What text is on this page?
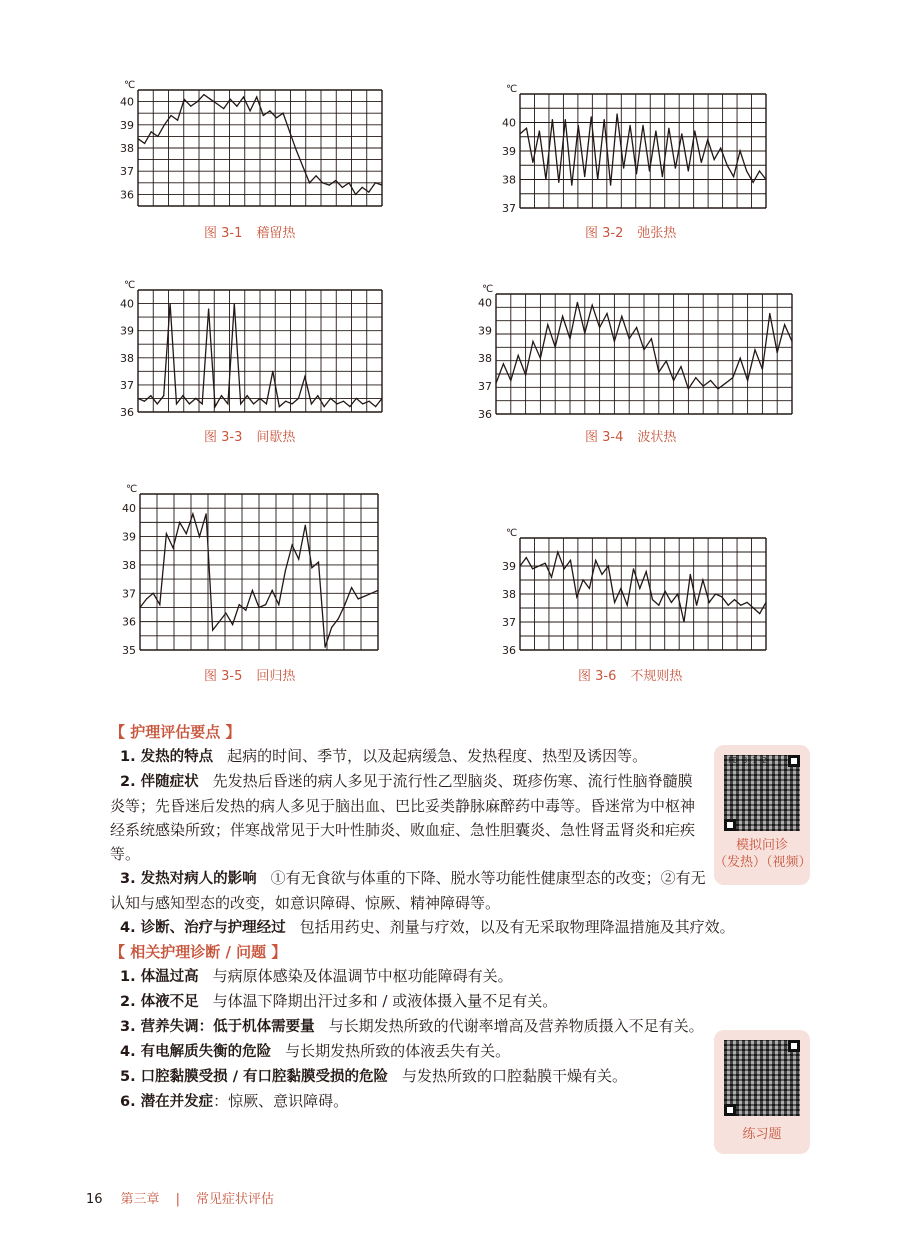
℃
40
39
38
37
36
图 3-1 稽留热
℃
40
39
38
37
图 3-2 弛张热
℃
40
39
38
37
36
图 3-3 间歇热
℃
40
39
38
37
36
图 3-4 波状热
℃
40
39
38
37
36
35
图 3-5 回归热
℃
39
38
37
36
图 3-6 不规则热

【 护理评估要点 】

1. 发热的特点 起病的时间、季节，以及起病缓急、发热程度、热型及诱因等。

2. 伴随症状 先发热后昏迷的病人多见于流行性乙型脑炎、斑疹伤寒、流行性脑脊髓膜炎等；先昏迷后发热的病人多见于脑出血、巴比妥类静脉麻醉药中毒等。昏迷常为中枢神经系统感染所致；伴寒战常见于大叶性肺炎、败血症、急性胆囊炎、急性肾盂肾炎和疟疾等。

3. 发热对病人的影响 ①有无食欲与体重的下降、脱水等功能性健康型态的改变；②有无认知与感知型态的改变，如意识障碍、惊厥、精神障碍等。

4. 诊断、治疗与护理经过 包括用药史、剂量与疗效，以及有无采取物理降温措施及其疗效。

【 相关护理诊断 / 问题 】

1. 体温过高 与病原体感染及体温调节中枢功能障碍有关。

2. 体液不足 与体温下降期出汗过多和 / 或液体摄入量不足有关。

3. 营养失调：低于机体需要量 与长期发热所致的代谢率增高及营养物质摄入不足有关。

4. 有电解质失衡的危险 与长期发热所致的体液丢失有关。

5. 口腔黏膜受损 / 有口腔黏膜受损的危险 与发热所致的口腔黏膜干燥有关。

6. 潜在并发症：惊厥、意识障碍。

FD 3-1-2
模拟问诊
（发热）（视频）
练习题
16 第三章 | 常见症状评估
